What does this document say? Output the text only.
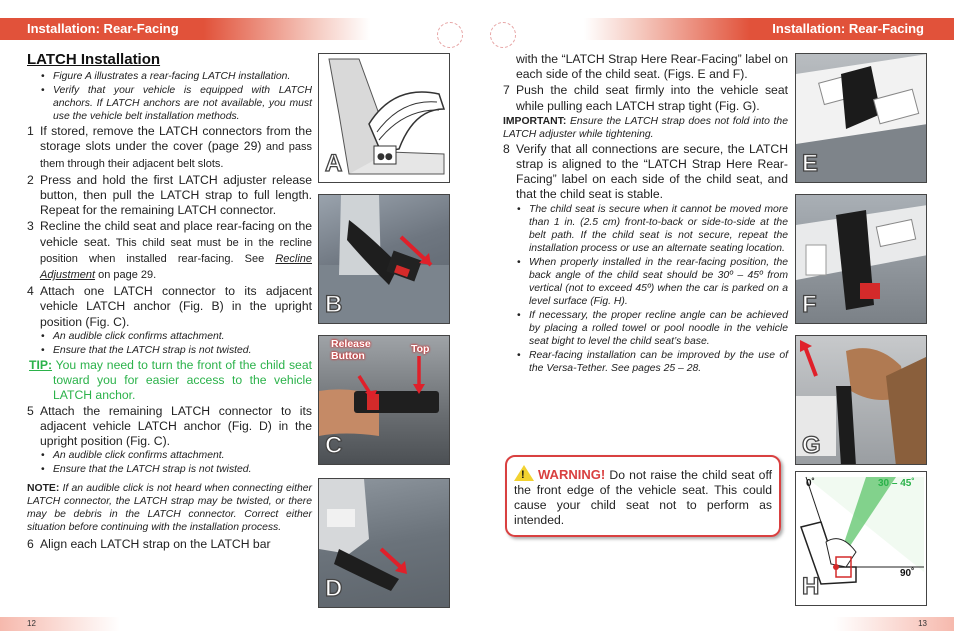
Installation: Rear-Facing
LATCH Installation
• Figure A illustrates a rear-facing LATCH installation.
• Verify that your vehicle is equipped with LATCH anchors. If LATCH anchors are not available, you must use the vehicle belt installation methods.
1 If stored, remove the LATCH connectors from the storage slots under the cover (page 29) and pass them through their adjacent belt slots.
2 Press and hold the first LATCH adjuster release button, then pull the LATCH strap to full length. Repeat for the remaining LATCH connector.
3 Recline the child seat and place rear-facing on the vehicle seat. This child seat must be in the recline position when installed rear-facing. See Recline Adjustment on page 29.
4 Attach one LATCH connector to its adjacent vehicle LATCH anchor (Fig. B) in the upright position (Fig. C).
• An audible click confirms attachment.
• Ensure that the LATCH strap is not twisted.
TIP: You may need to turn the front of the child seat toward you for easier access to the vehicle LATCH anchor.
5 Attach the remaining LATCH connector to its adjacent vehicle LATCH anchor (Fig. D) in the upright position (Fig. C).
• An audible click confirms attachment.
• Ensure that the LATCH strap is not twisted.
NOTE: If an audible click is not heard when connecting either LATCH connector, the LATCH strap may be twisted, or there may be debris in the LATCH connector. Correct either situation before continuing with the installation process.
6 Align each LATCH strap on the LATCH bar
●●
A
B
Release Button
Top
C
D
12
Installation: Rear-Facing
with the “LATCH Strap Here Rear-Facing” label on each side of the child seat. (Figs. E and F).
7 Push the child seat firmly into the vehicle seat while pulling each LATCH strap tight (Fig. G).
IMPORTANT: Ensure the LATCH strap does not fold into the LATCH adjuster while tightening.
8 Verify that all connections are secure, the LATCH strap is aligned to the “LATCH Strap Here Rear-Facing” label on each side of the child seat, and that the child seat is stable.
• The child seat is secure when it cannot be moved more than 1 in. (2.5 cm) front-to-back or side-to-side at the belt path. If the child seat is not secure, repeat the installation process or use an alternate seating location.
• When properly installed in the rear-facing position, the back angle of the child seat should be 30º – 45º from vertical (not to exceed 45º) when the car is parked on a level surface (Fig. H).
• If necessary, the proper recline angle can be achieved by placing a rolled towel or pool noodle in the vehicle seat bight to level the child seat’s base.
• Rear-facing installation can be improved by the use of the Versa-Tether. See pages 25 – 28.
! WARNING! Do not raise the child seat off the front edge of the vehicle seat. This could cause your child seat not to perform as intended.
E
F
G
0˚	30 – 45˚
90˚
H
13
